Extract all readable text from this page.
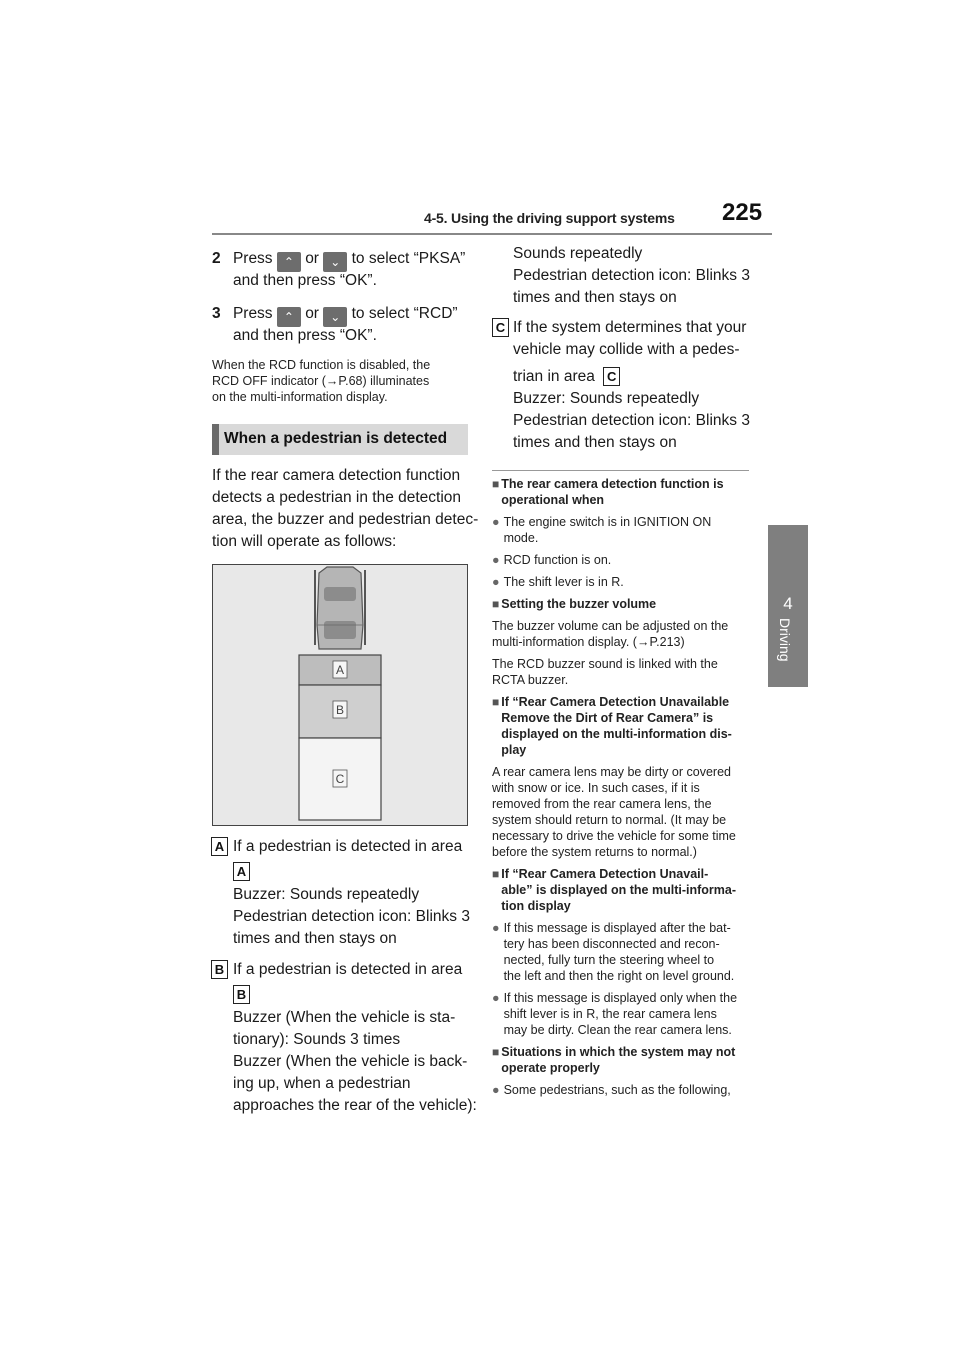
4-5. Using the driving support systems 225
4
Driving
2 Press ⌃ or ⌄ to select “PKSA”
and then press “OK”.
3 Press ⌃ or ⌄ to select “RCD”
and then press “OK”.
When the RCD function is disabled, the
RCD OFF indicator (→P.68) illuminates
on the multi-information display.
When a pedestrian is detected
If the rear camera detection function
detects a pedestrian in the detection
area, the buzzer and pedestrian detec-
tion will operate as follows:
A
B
C
A If a pedestrian is detected in area
A
Buzzer: Sounds repeatedly
Pedestrian detection icon: Blinks 3
times and then stays on
B If a pedestrian is detected in area
B
Buzzer (When the vehicle is sta-
tionary): Sounds 3 times
Buzzer (When the vehicle is back-
ing up, when a pedestrian
approaches the rear of the vehicle):
Sounds repeatedly
Pedestrian detection icon: Blinks 3
times and then stays on
C If the system determines that your
vehicle may collide with a pedes-
trian in area C
Buzzer: Sounds repeatedly
Pedestrian detection icon: Blinks 3
times and then stays on
■ The rear camera detection function is
operational when
● The engine switch is in IGNITION ON
mode.
● RCD function is on.
● The shift lever is in R.
■ Setting the buzzer volume
The buzzer volume can be adjusted on the
multi-information display. (→P.213)
The RCD buzzer sound is linked with the
RCTA buzzer.
■ If “Rear Camera Detection Unavailable
Remove the Dirt of Rear Camera” is
displayed on the multi-information dis-
play
A rear camera lens may be dirty or covered
with snow or ice. In such cases, if it is
removed from the rear camera lens, the
system should return to normal. (It may be
necessary to drive the vehicle for some time
before the system returns to normal.)
■ If “Rear Camera Detection Unavail-
able” is displayed on the multi-informa-
tion display
● If this message is displayed after the bat-
tery has been disconnected and recon-
nected, fully turn the steering wheel to
the left and then the right on level ground.
● If this message is displayed only when the
shift lever is in R, the rear camera lens
may be dirty. Clean the rear camera lens.
■ Situations in which the system may not
operate properly
● Some pedestrians, such as the following,
